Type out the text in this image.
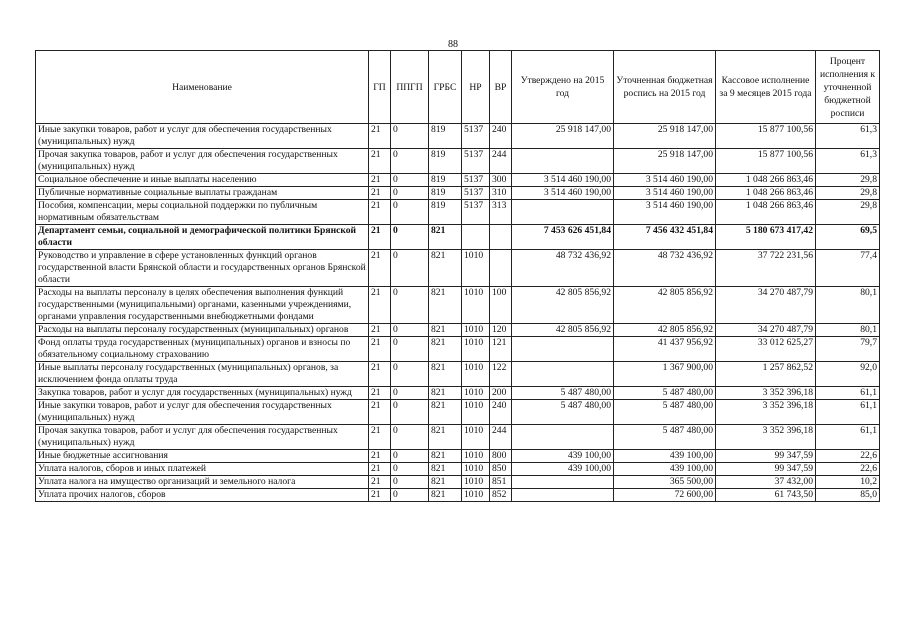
88
Наименование	ГП	ППГП	ГРБС	НР	ВР	Утверждено на 2015 год	Уточненная бюджетная роспись на 2015 год	Кассовое исполнение за 9 месяцев 2015 года	Процент исполнения к уточненной бюджетной росписи
Иные закупки товаров, работ и услуг для обеспечения государственных (муниципальных) нужд	21	0	819	5137	240	25 918 147,00	25 918 147,00	15 877 100,56	61,3
Прочая закупка товаров, работ и услуг для обеспечения государственных (муниципальных) нужд	21	0	819	5137	244		25 918 147,00	15 877 100,56	61,3
Социальное обеспечение и иные выплаты населению	21	0	819	5137	300	3 514 460 190,00	3 514 460 190,00	1 048 266 863,46	29,8
Публичные нормативные социальные выплаты гражданам	21	0	819	5137	310	3 514 460 190,00	3 514 460 190,00	1 048 266 863,46	29,8
Пособия, компенсации, меры социальной поддержки по публичным нормативным обязательствам	21	0	819	5137	313		3 514 460 190,00	1 048 266 863,46	29,8
Департамент семьи, социальной и демографической политики Брянской области	21	0	821			7 453 626 451,84	7 456 432 451,84	5 180 673 417,42	69,5
Руководство и управление в сфере установленных функций органов государственной власти Брянской области и государственных органов Брянской области	21	0	821	1010		48 732 436,92	48 732 436,92	37 722 231,56	77,4
Расходы на выплаты персоналу в целях обеспечения выполнения функций государственными (муниципальными) органами, казенными учреждениями, органами управления государственными внебюджетными фондами	21	0	821	1010	100	42 805 856,92	42 805 856,92	34 270 487,79	80,1
Расходы на выплаты персоналу государственных (муниципальных) органов	21	0	821	1010	120	42 805 856,92	42 805 856,92	34 270 487,79	80,1
Фонд оплаты труда государственных (муниципальных) органов и взносы по обязательному социальному страхованию	21	0	821	1010	121		41 437 956,92	33 012 625,27	79,7
Иные выплаты персоналу государственных (муниципальных) органов, за исключением фонда оплаты труда	21	0	821	1010	122		1 367 900,00	1 257 862,52	92,0
Закупка товаров, работ и услуг для государственных (муниципальных) нужд	21	0	821	1010	200	5 487 480,00	5 487 480,00	3 352 396,18	61,1
Иные закупки товаров, работ и услуг для обеспечения государственных (муниципальных) нужд	21	0	821	1010	240	5 487 480,00	5 487 480,00	3 352 396,18	61,1
Прочая закупка товаров, работ и услуг для обеспечения государственных (муниципальных) нужд	21	0	821	1010	244		5 487 480,00	3 352 396,18	61,1
Иные бюджетные ассигнования	21	0	821	1010	800	439 100,00	439 100,00	99 347,59	22,6
Уплата налогов, сборов и иных платежей	21	0	821	1010	850	439 100,00	439 100,00	99 347,59	22,6
Уплата налога на имущество организаций и земельного налога	21	0	821	1010	851		365 500,00	37 432,00	10,2
Уплата прочих налогов, сборов	21	0	821	1010	852		72 600,00	61 743,50	85,0
